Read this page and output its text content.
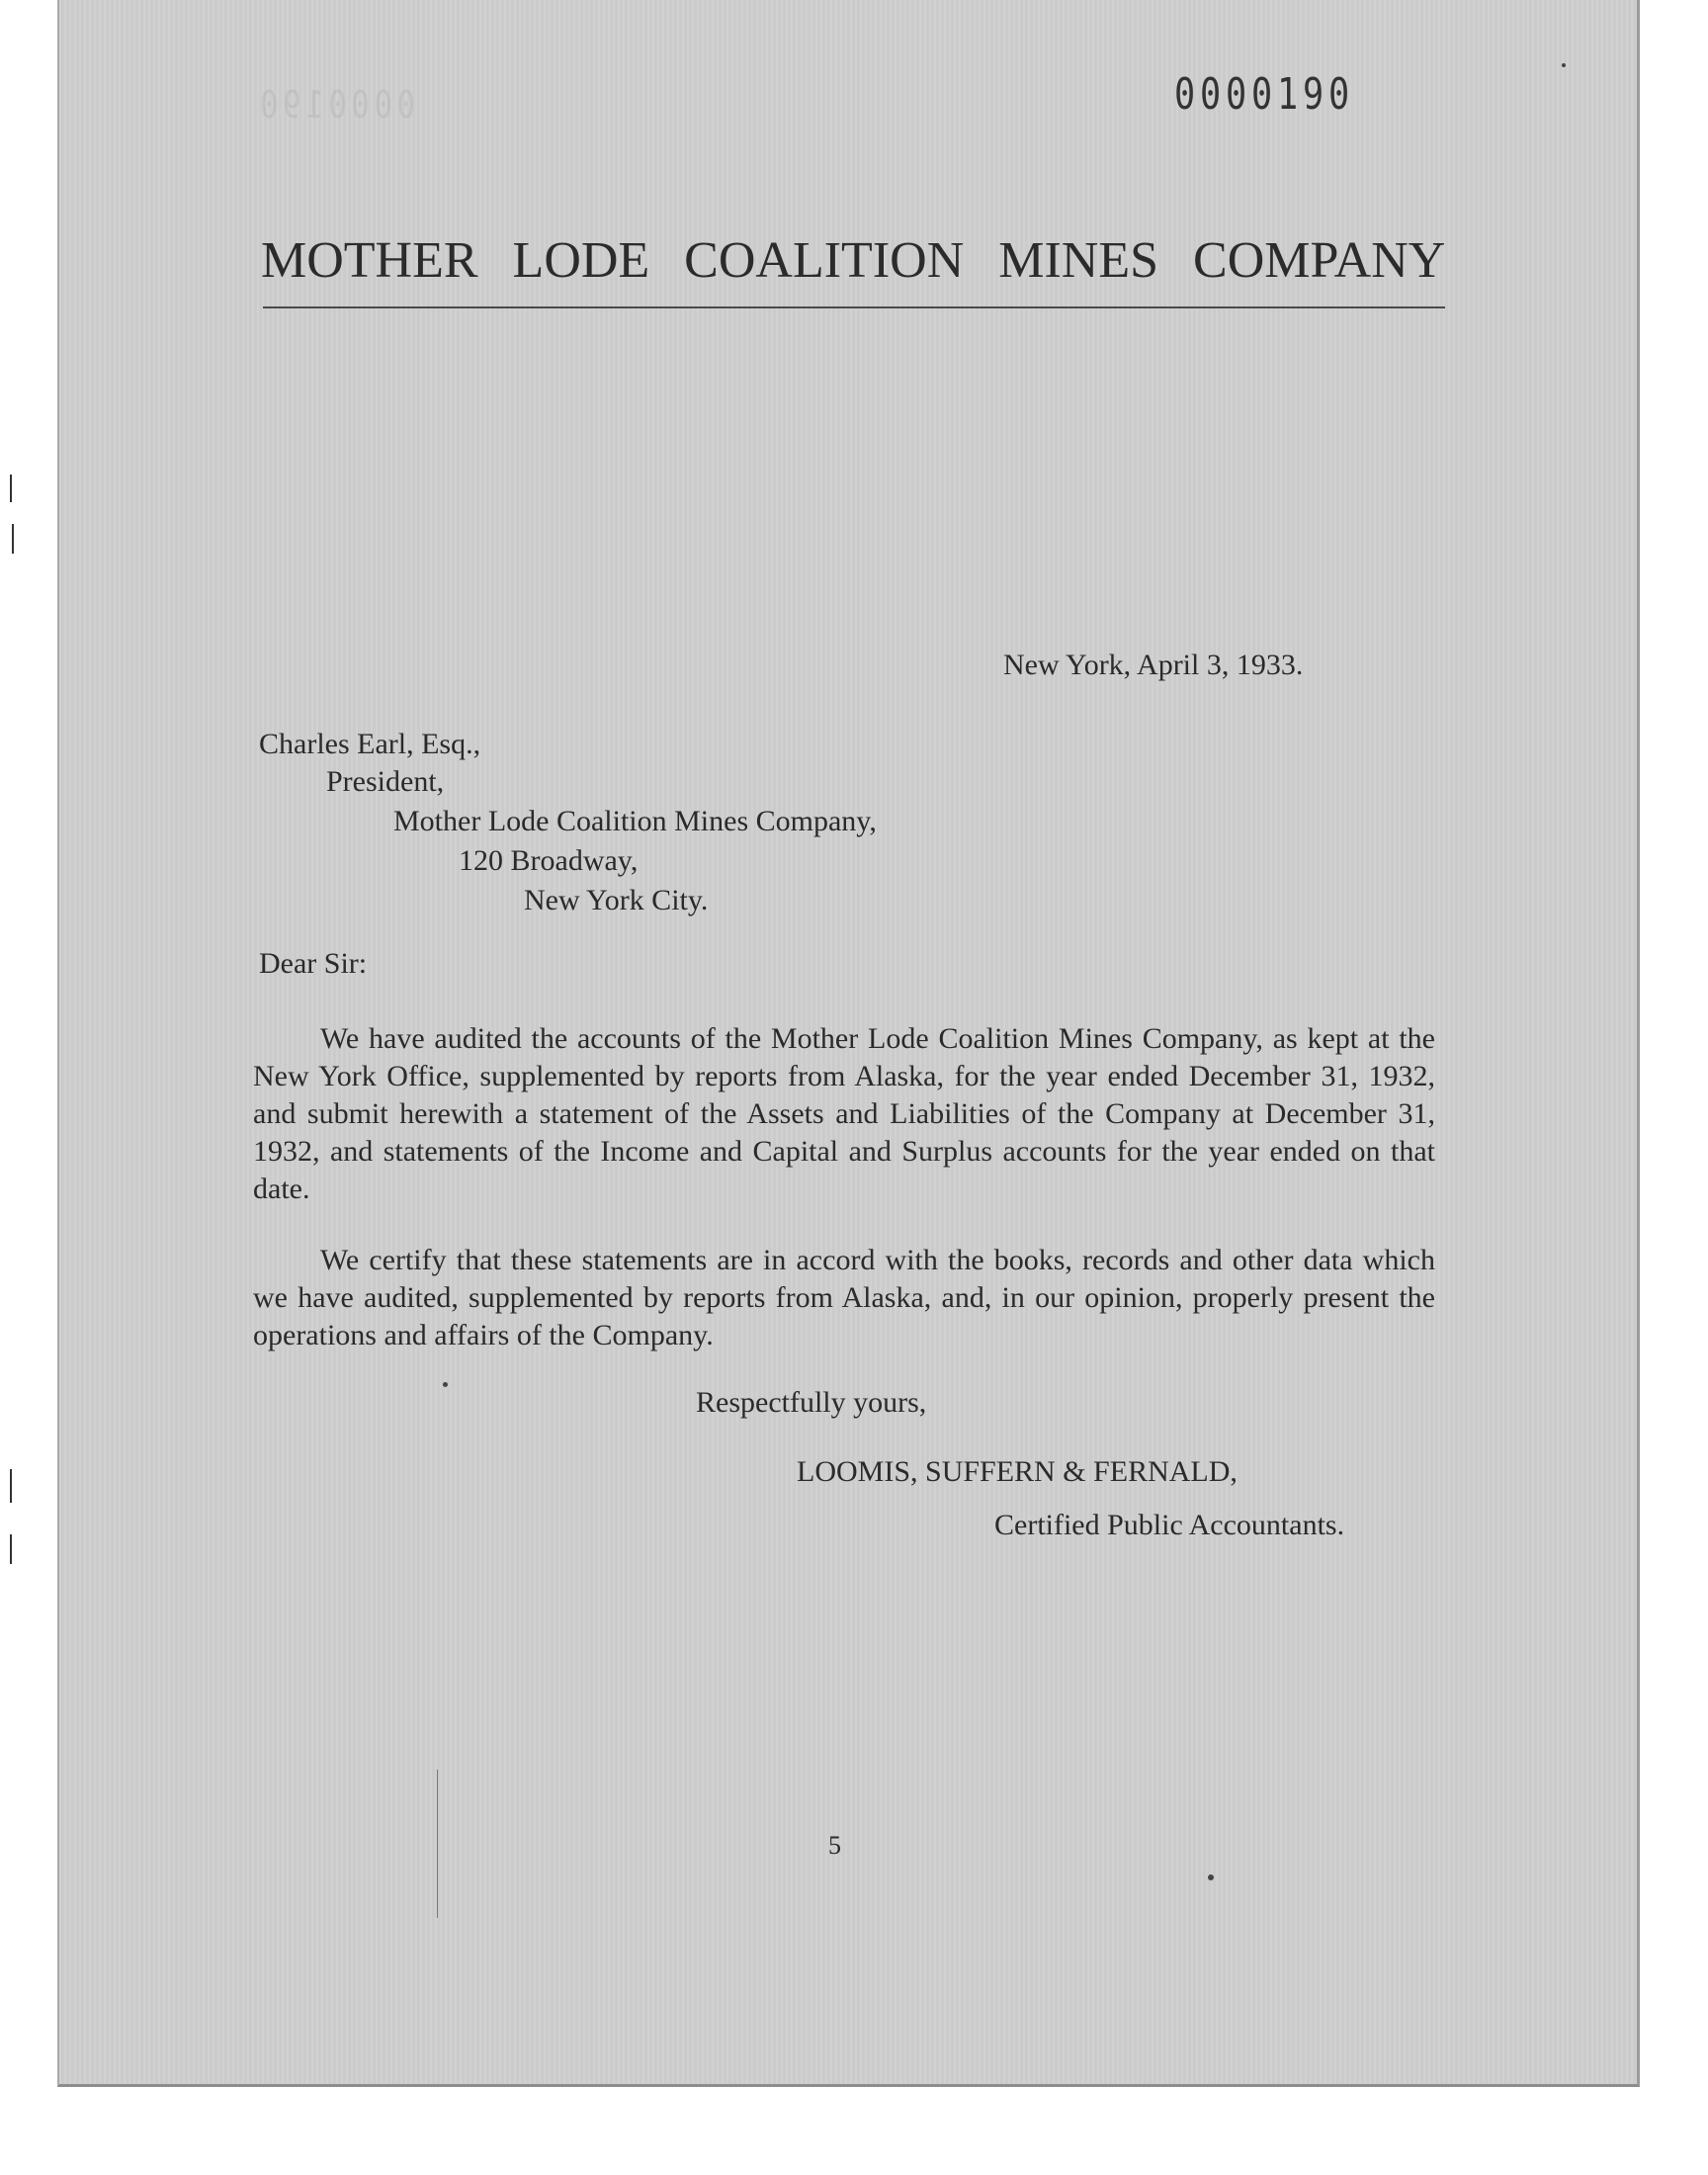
0000190	0000190
MOTHER LODE COALITION MINES COMPANY
New York, April 3, 1933.
Charles Earl, Esq.,
President,
Mother Lode Coalition Mines Company,
120 Broadway,
New York City.
Dear Sir:
We have audited the accounts of the Mother Lode Coalition Mines Company, as kept at the New York Office, supplemented by reports from Alaska, for the year ended December 31, 1932, and submit herewith a statement of the Assets and Liabilities of the Company at December 31, 1932, and statements of the Income and Capital and Surplus accounts for the year ended on that date.
We certify that these statements are in accord with the books, records and other data which we have audited, supplemented by reports from Alaska, and, in our opinion, properly present the operations and affairs of the Company.
Respectfully yours,
LOOMIS, SUFFERN & FERNALD,
Certified Public Accountants.
5
